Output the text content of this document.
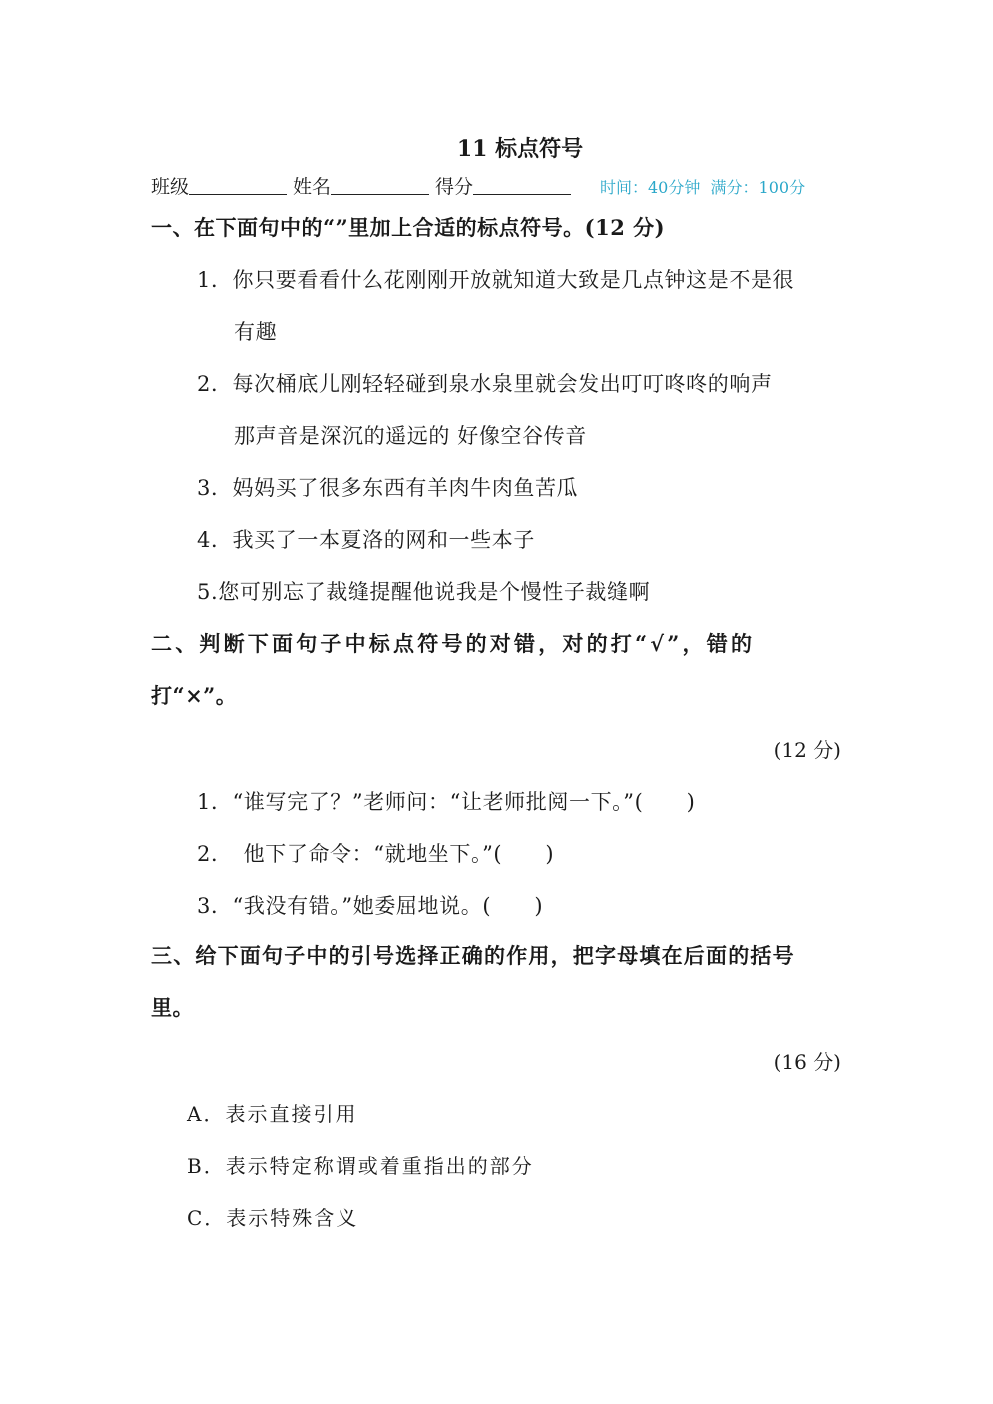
11 标点符号
班级	姓名	得分	时间：40分钟 满分：100分
一、在下面句中的“”里加上合适的标点符号。(12 分)
1．你只要看看什么花刚刚开放就知道大致是几点钟这是不是很
有趣
2．每次桶底儿刚轻轻碰到泉水泉里就会发出叮叮咚咚的响声
那声音是深沉的遥远的 好像空谷传音
3．妈妈买了很多东西有羊肉牛肉鱼苦瓜
4．我买了一本夏洛的网和一些本子
5.您可别忘了裁缝提醒他说我是个慢性子裁缝啊
二、判断下面句子中标点符号的对错，对的打“√”，错的
打“×”。
(12 分)
1．“谁写完了？”老师问：“让老师批阅一下。”(　　)
2．　他下了命令：“就地坐下。”(　　)
3．“我没有错。”她委屈地说。(　　)
三、给下面句子中的引号选择正确的作用，把字母填在后面的括号
里。
(16 分)
A．表示直接引用
B．表示特定称谓或着重指出的部分
C．表示特殊含义
